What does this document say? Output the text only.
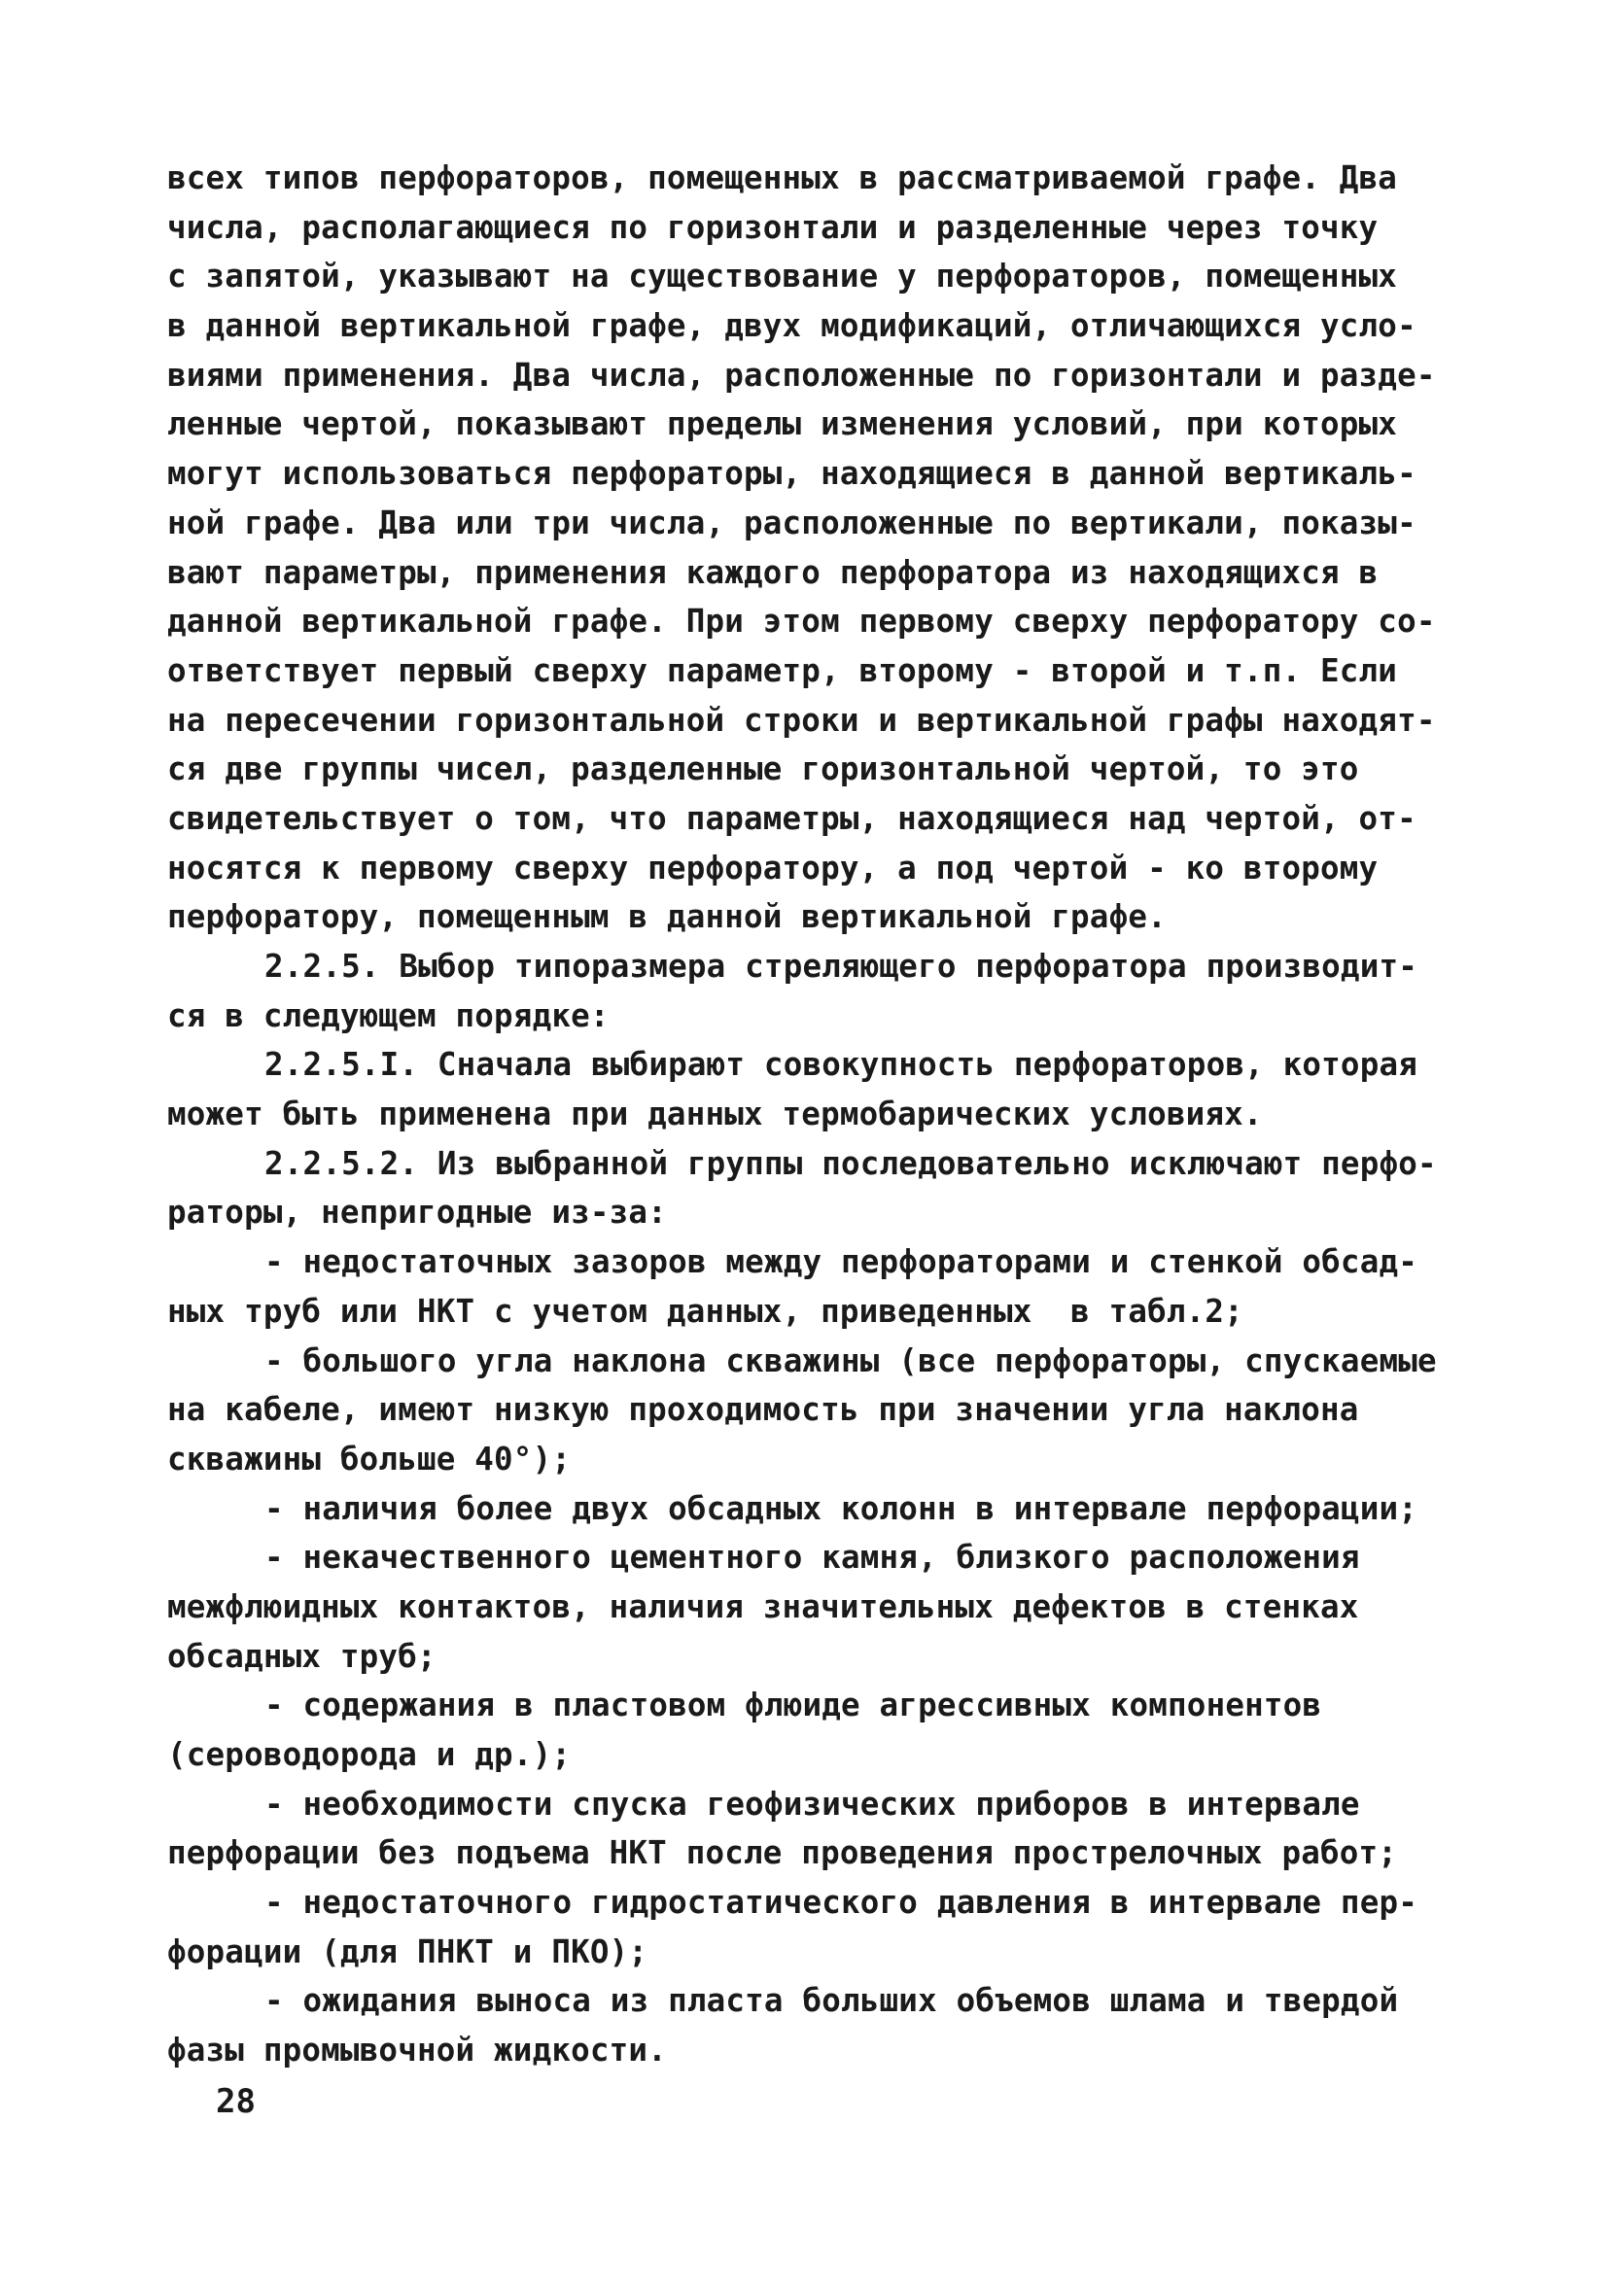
всех типов перфораторов, помещенных в рассматриваемой графе. Два
числа, располагающиеся по горизонтали и разделенные через точку
с запятой, указывают на существование у перфораторов, помещенных
в данной вертикальной графе, двух модификаций, отличающихся усло-
виями применения. Два числа, расположенные по горизонтали и разде-
ленные чертой, показывают пределы изменения условий, при которых
могут использоваться перфораторы, находящиеся в данной вертикаль-
ной графе. Два или три числа, расположенные по вертикали, показы-
вают параметры, применения каждого перфоратора из находящихся в
данной вертикальной графе. При этом первому сверху перфоратору со-
ответствует первый сверху параметр, второму - второй и т.п. Если
на пересечении горизонтальной строки и вертикальной графы находят-
ся две группы чисел, разделенные горизонтальной чертой, то это
свидетельствует о том, что параметры, находящиеся над чертой, от-
носятся к первому сверху перфоратору, а под чертой - ко второму
перфоратору, помещенным в данной вертикальной графе.
2.2.5. Выбор типоразмера стреляющего перфоратора производит-
ся в следующем порядке:
2.2.5.I. Сначала выбирают совокупность перфораторов, которая
может быть применена при данных термобарических условиях.
2.2.5.2. Из выбранной группы последовательно исключают перфо-
раторы, непригодные из-за:
- недостаточных зазоров между перфораторами и стенкой обсад-
ных труб или НКТ с учетом данных, приведенных  в табл.2;
- большого угла наклона скважины (все перфораторы, спускаемые
на кабеле, имеют низкую проходимость при значении угла наклона
скважины больше 40°);
- наличия более двух обсадных колонн в интервале перфорации;
- некачественного цементного камня, близкого расположения
межфлюидных контактов, наличия значительных дефектов в стенках
обсадных труб;
- содержания в пластовом флюиде агрессивных компонентов
(сероводорода и др.);
- необходимости спуска геофизических приборов в интервале
перфорации без подъема НКТ после проведения прострелочных работ;
- недостаточного гидростатического давления в интервале пер-
форации (для ПНКТ и ПКО);
- ожидания выноса из пласта больших объемов шлама и твердой
фазы промывочной жидкости.
28
